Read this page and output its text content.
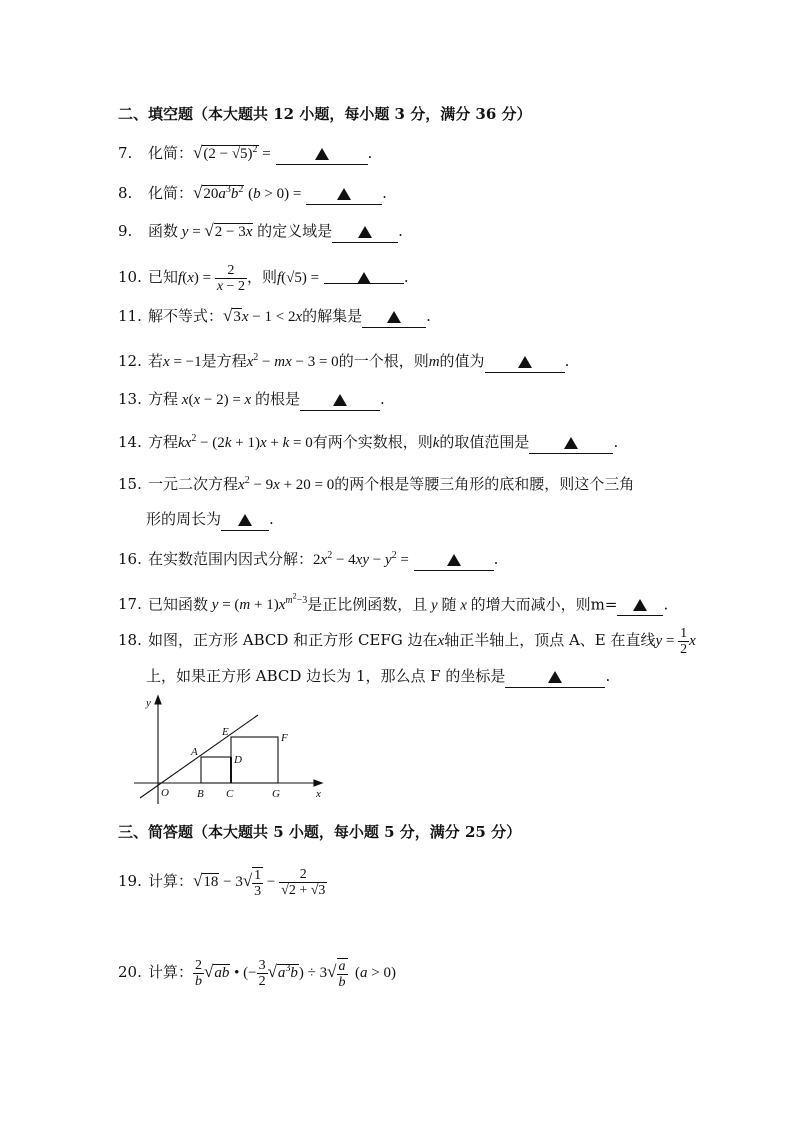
二、填空题（本大题共 12 小题，每小题 3 分，满分 36 分）
7. 化简：$√(2 - √5)^2$ =	.
8. 化简：$√20a^3b^2$ (b > 0) =	.
9. 函数 y = √2 − 3x 的定义域是	.
10. 已知$f(x) = \frac{2}{x - 2}$ ，则f(√5) =	.
11. 解不等式：√3x − 1 < 2x的解集是	.
12. 若x = −1是方程$x^2$ − mx − 3 = 0的一个根，则m的值为	.
13. 方程 x(x − 2) = x 的根是	.
14. 方程$kx^2 - (2k + 1)x + k = 0$有两个实数根，则k的取值范围是	.
15. 一元二次方程$x^2 - 9x + 20 = 0$的两个根是等腰三角形的底和腰，则这个三角
形的周长为	.
16. 在实数范围内因式分解：$2x^2 - 4xy - y^2$ =	.
17. 已知函数 $y = (m + 1)x^{m^2-3}$是正比例函数，且 y 随 x 的增大而减小，则m=	.
18. 如图，正方形 ABCD 和正方形 CEFG 边在x轴正半轴上，顶点 A、E 在直线$y = \frac{1}{2}$ x
上，如果正方形 ABCD 边长为 1，那么点 F 的坐标是	.
y
x
O
A
B C
D
E	F
G
三、简答题（本大题共 5 小题，每小题 5 分，满分 25 分）
19. 计算：$√18 - 3√ \frac{1}{3} - \frac{2}{√2 + √3}$
20. 计算： $\frac{2}{b} √ab$ • (− $\frac{3}{2} √a^3b) \div 3√ \frac{a}{b} (a > 0)$
